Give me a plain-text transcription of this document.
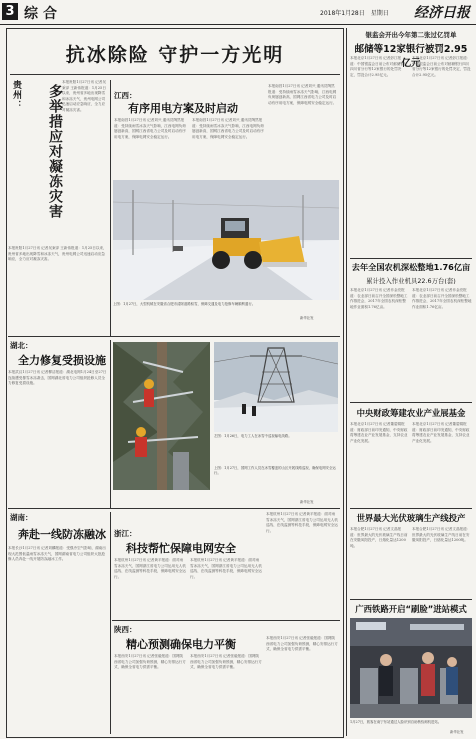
3 综合	2018年1月28日　星期日 经济日报
抗冰除险 守护一方光明
贵州：	多举措应对凝冻灾害
本报贵阳1月27日讯 记者吴秉泽 王新伟报道：1月25日以来，贵州省多地出现降雪和冰冻天气，贵州电网公司迅速启动应急响应，全力应对凝冻灾害。
本报贵阳1月27日讯 记者吴秉泽 王新伟报道：1月25日以来，贵州省多地出现降雪和冰冻天气，贵州电网公司迅速启动应急响应，全力应对凝冻灾害。
江西：
有序用电方案及时启动
本报南昌1月27日讯 记者刘兴 通讯员陶然报道：受持续雨雪冰冻天气影响，江西电网负荷屡创新高，国网江西省电力公司及时启动有序用电方案，保障电网安全稳定运行。
本报南昌1月27日讯 记者刘兴 通讯员陶然报道：受持续雨雪冰冻天气影响，江西电网负荷屡创新高，国网江西省电力公司及时启动有序用电方案，保障电网安全稳定运行。
本报南昌1月27日讯 记者刘兴 通讯员陶然报道：受持续雨雪冰冻天气影响，江西电网负荷屡创新高，国网江西省电力公司及时启动有序用电方案，保障电网安全稳定运行。
上图：1月27日，大型机械在安徽省合肥市清除道路积雪，保障交通及电力抢修车辆顺利通行。
新华社发
湖北：
全力修复受损设施
本报武汉1月27日讯 记者柳洁报道：湖北电网1月24日至27日连续遭受暴雪冰冻袭击，国网湖北省电力公司组织抢修人员全力修复受损设施。
左图：1月26日，电力工人在冰雪中巡视输电线路。
上图：1月27日，国网工作人员在冰雪覆盖的山区开展线路巡视，确保电网安全运行。
新华社发
湖南：
奔赴一线防冻融冰
本报长沙1月27日讯 记者刘麟报道：受强冷空气影响，湖南出现大范围低温雨雪冰冻天气，国网湖南省电力公司组织大批抢修人员奔赴一线开展防冻融冰工作。
浙江：
科技帮忙保障电网安全
本报杭州1月27日讯 记者黄平报道：面对雨雪冰冻天气，国网浙江省电力公司运用无人机巡线、在线监测等科技手段，保障电网安全运行。
本报杭州1月27日讯 记者黄平报道：面对雨雪冰冻天气，国网浙江省电力公司运用无人机巡线、在线监测等科技手段，保障电网安全运行。
本报杭州1月27日讯 记者黄平报道：面对雨雪冰冻天气，国网浙江省电力公司运用无人机巡线、在线监测等科技手段，保障电网安全运行。
陕西：
精心预测确保电力平衡
本报西安1月27日讯 记者张毅报道：国网陕西省电力公司加强负荷预测，精心安排运行方式，确保全省电力供需平衡。
本报西安1月27日讯 记者张毅报道：国网陕西省电力公司加强负荷预测，精心安排运行方式，确保全省电力供需平衡。
本报西安1月27日讯 记者张毅报道：国网陕西省电力公司加强负荷预测，精心安排运行方式，确保全省电力供需平衡。
银监会开出今年第二张过亿罚单
邮储等12家银行被罚2.95亿元
本报北京1月27日讯 记者彭江报道：中国银监会日前公布对邮储银行四川省分行等12家银行的处罚决定，罚没合计2.95亿元。
本报北京1月27日讯 记者彭江报道：中国银监会日前公布对邮储银行四川省分行等12家银行的处罚决定，罚没合计2.95亿元。
去年全国农机深松整地1.76亿亩
累计投入作业机具22.6万台(套)
本报北京1月27日讯 记者乔金亮报道：农业部日前召开全国深松整地工作推进会，2017年全国农机深松整地作业面积1.76亿亩。
本报北京1月27日讯 记者乔金亮报道：农业部日前召开全国深松整地工作推进会，2017年全国农机深松整地作业面积1.76亿亩。
中央财政筹建农业产业展基金
本报北京1月27日讯 记者董碧娟报道：财政部日前印发通知，中央财政将筹建农业产业发展基金，支持农业产业化发展。
本报北京1月27日讯 记者董碧娟报道：财政部日前印发通知，中央财政将筹建农业产业发展基金，支持农业产业化发展。
世界最大光伏玻璃生产线投产
本报合肥1月27日讯 记者文晶报道：世界最大的光伏玻璃生产线日前在安徽凤阳投产，日熔化量达1200吨。
本报合肥1月27日讯 记者文晶报道：世界最大的光伏玻璃生产线日前在安徽凤阳投产，日熔化量达1200吨。
广西铁路开启“刷脸”进站模式
1月27日，旅客在南宁东站通过人脸识别自助核验闸机进站。
新华社发
